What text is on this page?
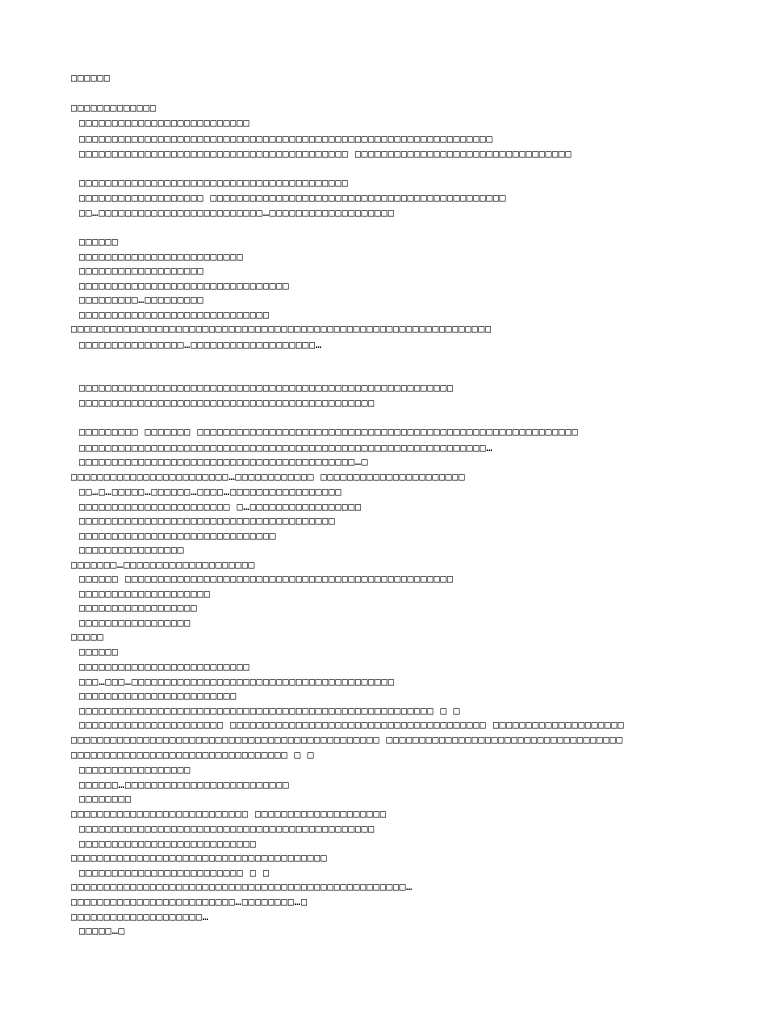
□□□□□□
□□□□□□□□□□□□□
□□□□□□□□□□□□□□□□□□□□□□□□□□
□□□□□□□□□□□□□□□□□□□□□□□□□□□□□□□□□□□□□□□□□□□□□□□□□□□□□□□□□□□□□□□
□□□□□□□□□□□□□□□□□□□□□□□□□□□□□□□□□□□□□□□□□ □□□□□□□□□□□□□□□□□□□□□□□□□□□□□□□□□
□□□□□□□□□□□□□□□□□□□□□□□□□□□□□□□□□□□□□□□□□
□□□□□□□□□□□□□□□□□□□ □□□□□□□□□□□□□□□□□□□□□□□□□□□□□□□□□□□□□□□□□□□□□
□□…□□□□□□□□□□□□□□□□□□□□□□□□□…□□□□□□□□□□□□□□□□□□□
□□□□□□
□□□□□□□□□□□□□□□□□□□□□□□□□
□□□□□□□□□□□□□□□□□□□
□□□□□□□□□□□□□□□□□□□□□□□□□□□□□□□□
□□□□□□□□□…□□□□□□□□□
□□□□□□□□□□□□□□□□□□□□□□□□□□□□□
□□□□□□□□□□□□□□□□□□□□□□□□□□□□□□□□□□□□□□□□□□□□□□□□□□□□□□□□□□□□□□□□
□□□□□□□□□□□□□□□□…□□□□□□□□□□□□□□□□□□□…
□□□□□□□□□□□□□□□□□□□□□□□□□□□□□□□□□□□□□□□□□□□□□□□□□□□□□□□□□
□□□□□□□□□□□□□□□□□□□□□□□□□□□□□□□□□□□□□□□□□□□□□
□□□□□□□□□ □□□□□□□ □□□□□□□□□□□□□□□□□□□□□□□□□□□□□□□□□□□□□□□□□□□□□□□□□□□□□□□□□□
□□□□□□□□□□□□□□□□□□□□□□□□□□□□□□□□□□□□□□□□□□□□□□□□□□□□□□□□□□□□□□…
□□□□□□□□□□□□□□□□□□□□□□□□□□□□□□□□□□□□□□□□□□…□
□□□□□□□□□□□□□□□□□□□□□□□□…□□□□□□□□□□□□ □□□□□□□□□□□□□□□□□□□□□□
□□…□…□□□□□…□□□□□□…□□□□…□□□□□□□□□□□□□□□□□
□□□□□□□□□□□□□□□□□□□□□□□ □…□□□□□□□□□□□□□□□□□
□□□□□□□□□□□□□□□□□□□□□□□□□□□□□□□□□□□□□□□
□□□□□□□□□□□□□□□□□□□□□□□□□□□□□□
□□□□□□□□□□□□□□□□
□□□□□□□…□□□□□□□□□□□□□□□□□□□□
□□□□□□ □□□□□□□□□□□□□□□□□□□□□□□□□□□□□□□□□□□□□□□□□□□□□□□□□□
□□□□□□□□□□□□□□□□□□□□
□□□□□□□□□□□□□□□□□□
□□□□□□□□□□□□□□□□□
□□□□□
□□□□□□
□□□□□□□□□□□□□□□□□□□□□□□□□□
□□□…□□□…□□□□□□□□□□□□□□□□□□□□□□□□□□□□□□□□□□□□□□□□
□□□□□□□□□□□□□□□□□□□□□□□□
□□□□□□□□□□□□□□□□□□□□□□□□□□□□□□□□□□□□□□□□□□□□□□□□□□□□□□ □ □
□□□□□□□□□□□□□□□□□□□□□□ □□□□□□□□□□□□□□□□□□□□□□□□□□□□□□□□□□□□□□□ □□□□□□□□□□□□□□□□□□□□
□□□□□□□□□□□□□□□□□□□□□□□□□□□□□□□□□□□□□□□□□□□□□□□ □□□□□□□□□□□□□□□□□□□□□□□□□□□□□□□□□□□□
□□□□□□□□□□□□□□□□□□□□□□□□□□□□□□□□□ □ □
□□□□□□□□□□□□□□□□□
□□□□□□…□□□□□□□□□□□□□□□□□□□□□□□□□
□□□□□□□□
□□□□□□□□□□□□□□□□□□□□□□□□□□□ □□□□□□□□□□□□□□□□□□□□
□□□□□□□□□□□□□□□□□□□□□□□□□□□□□□□□□□□□□□□□□□□□□
□□□□□□□□□□□□□□□□□□□□□□□□□□□
□□□□□□□□□□□□□□□□□□□□□□□□□□□□□□□□□□□□□□□
□□□□□□□□□□□□□□□□□□□□□□□□□ □ □
□□□□□□□□□□□□□□□□□□□□□□□□□□□□□□□□□□□□□□□□□□□□□□□□□□□…
□□□□□□□□□□□□□□□□□□□□□□□□□…□□□□□□□□…□
□□□□□□□□□□□□□□□□□□□□…
□□□□□…□
